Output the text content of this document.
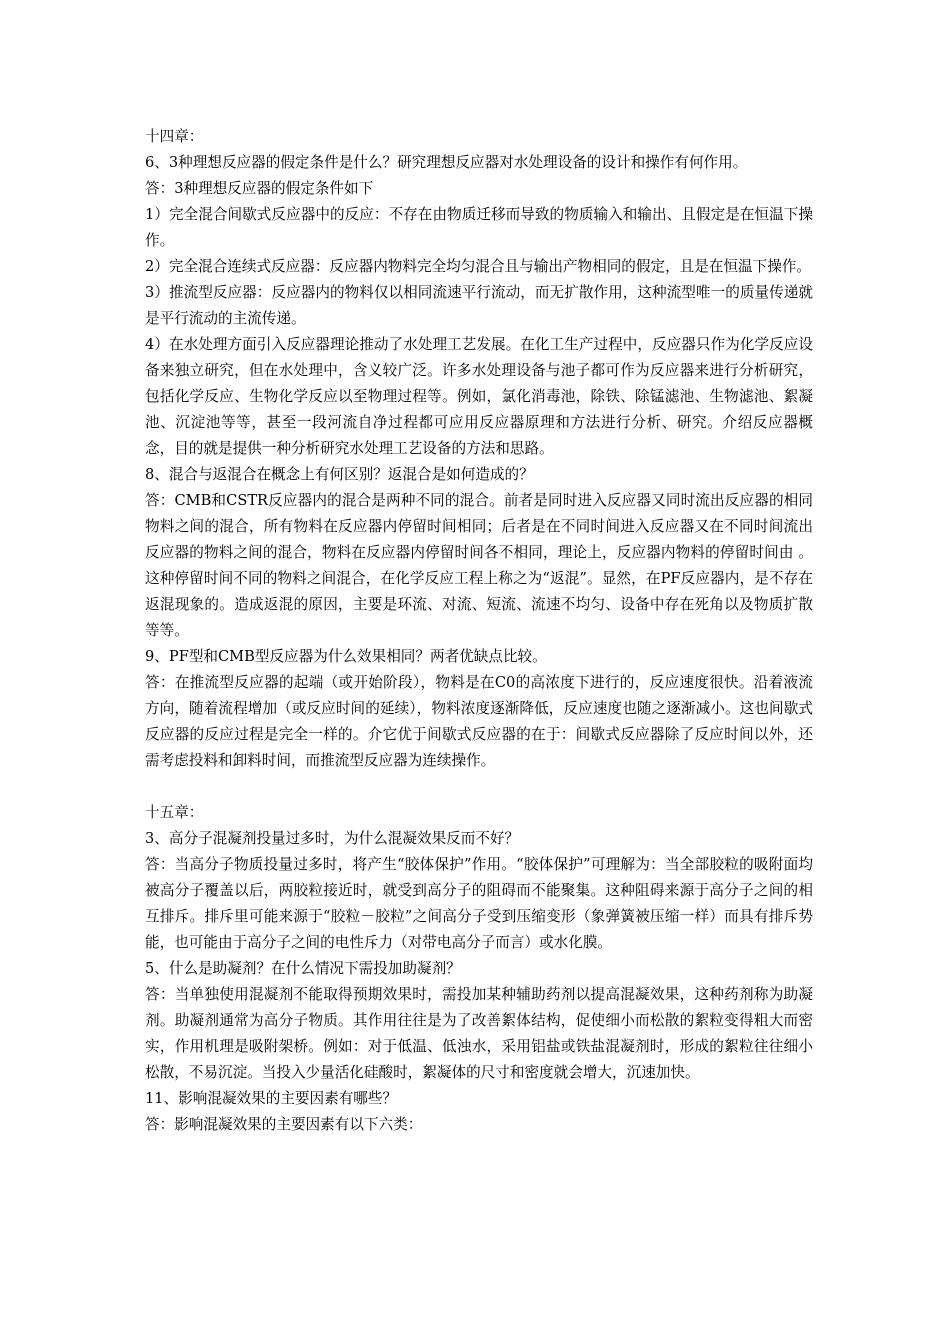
十四章：

6、3种理想反应器的假定条件是什么？研究理想反应器对水处理设备的设计和操作有何作用。

答：3种理想反应器的假定条件如下

1）完全混合间歇式反应器中的反应：不存在由物质迁移而导致的物质输入和输出、且假定是在恒温下操作。

2）完全混合连续式反应器：反应器内物料完全均匀混合且与输出产物相同的假定，且是在恒温下操作。

3）推流型反应器：反应器内的物料仅以相同流速平行流动，而无扩散作用，这种流型唯一的质量传递就是平行流动的主流传递。

4）在水处理方面引入反应器理论推动了水处理工艺发展。在化工生产过程中，反应器只作为化学反应设备来独立研究，但在水处理中，含义较广泛。许多水处理设备与池子都可作为反应器来进行分析研究，包括化学反应、生物化学反应以至物理过程等。例如，氯化消毒池，除铁、除锰滤池、生物滤池、絮凝池、沉淀池等等，甚至一段河流自净过程都可应用反应器原理和方法进行分析、研究。介绍反应器概念，目的就是提供一种分析研究水处理工艺设备的方法和思路。

8、混合与返混合在概念上有何区别？返混合是如何造成的？

答：CMB和CSTR反应器内的混合是两种不同的混合。前者是同时进入反应器又同时流出反应器的相同物料之间的混合，所有物料在反应器内停留时间相同；后者是在不同时间进入反应器又在不同时间流出反应器的物料之间的混合，物料在反应器内停留时间各不相同，理论上，反应器内物料的停留时间由 。这种停留时间不同的物料之间混合，在化学反应工程上称之为“返混”。显然，在PF反应器内，是不存在返混现象的。造成返混的原因，主要是环流、对流、短流、流速不均匀、设备中存在死角以及物质扩散等等。

9、PF型和CMB型反应器为什么效果相同？两者优缺点比较。

答：在推流型反应器的起端（或开始阶段），物料是在C0的高浓度下进行的，反应速度很快。沿着液流方向，随着流程增加（或反应时间的延续），物料浓度逐渐降低，反应速度也随之逐渐减小。这也间歇式反应器的反应过程是完全一样的。介它优于间歇式反应器的在于：间歇式反应器除了反应时间以外，还需考虑投料和卸料时间，而推流型反应器为连续操作。

十五章：

3、高分子混凝剂投量过多时，为什么混凝效果反而不好？

答：当高分子物质投量过多时，将产生“胶体保护”作用。“胶体保护”可理解为：当全部胶粒的吸附面均被高分子覆盖以后，两胶粒接近时，就受到高分子的阻碍而不能聚集。这种阻碍来源于高分子之间的相互排斥。排斥里可能来源于“胶粒－胶粒”之间高分子受到压缩变形（象弹簧被压缩一样）而具有排斥势能，也可能由于高分子之间的电性斥力（对带电高分子而言）或水化膜。

5、什么是助凝剂？在什么情况下需投加助凝剂？

答：当单独使用混凝剂不能取得预期效果时，需投加某种辅助药剂以提高混凝效果，这种药剂称为助凝剂。助凝剂通常为高分子物质。其作用往往是为了改善絮体结构，促使细小而松散的絮粒变得粗大而密实，作用机理是吸附架桥。例如：对于低温、低浊水，采用铝盐或铁盐混凝剂时，形成的絮粒往往细小松散，不易沉淀。当投入少量活化硅酸时，絮凝体的尺寸和密度就会增大，沉速加快。

11、影响混凝效果的主要因素有哪些？

答：影响混凝效果的主要因素有以下六类：
